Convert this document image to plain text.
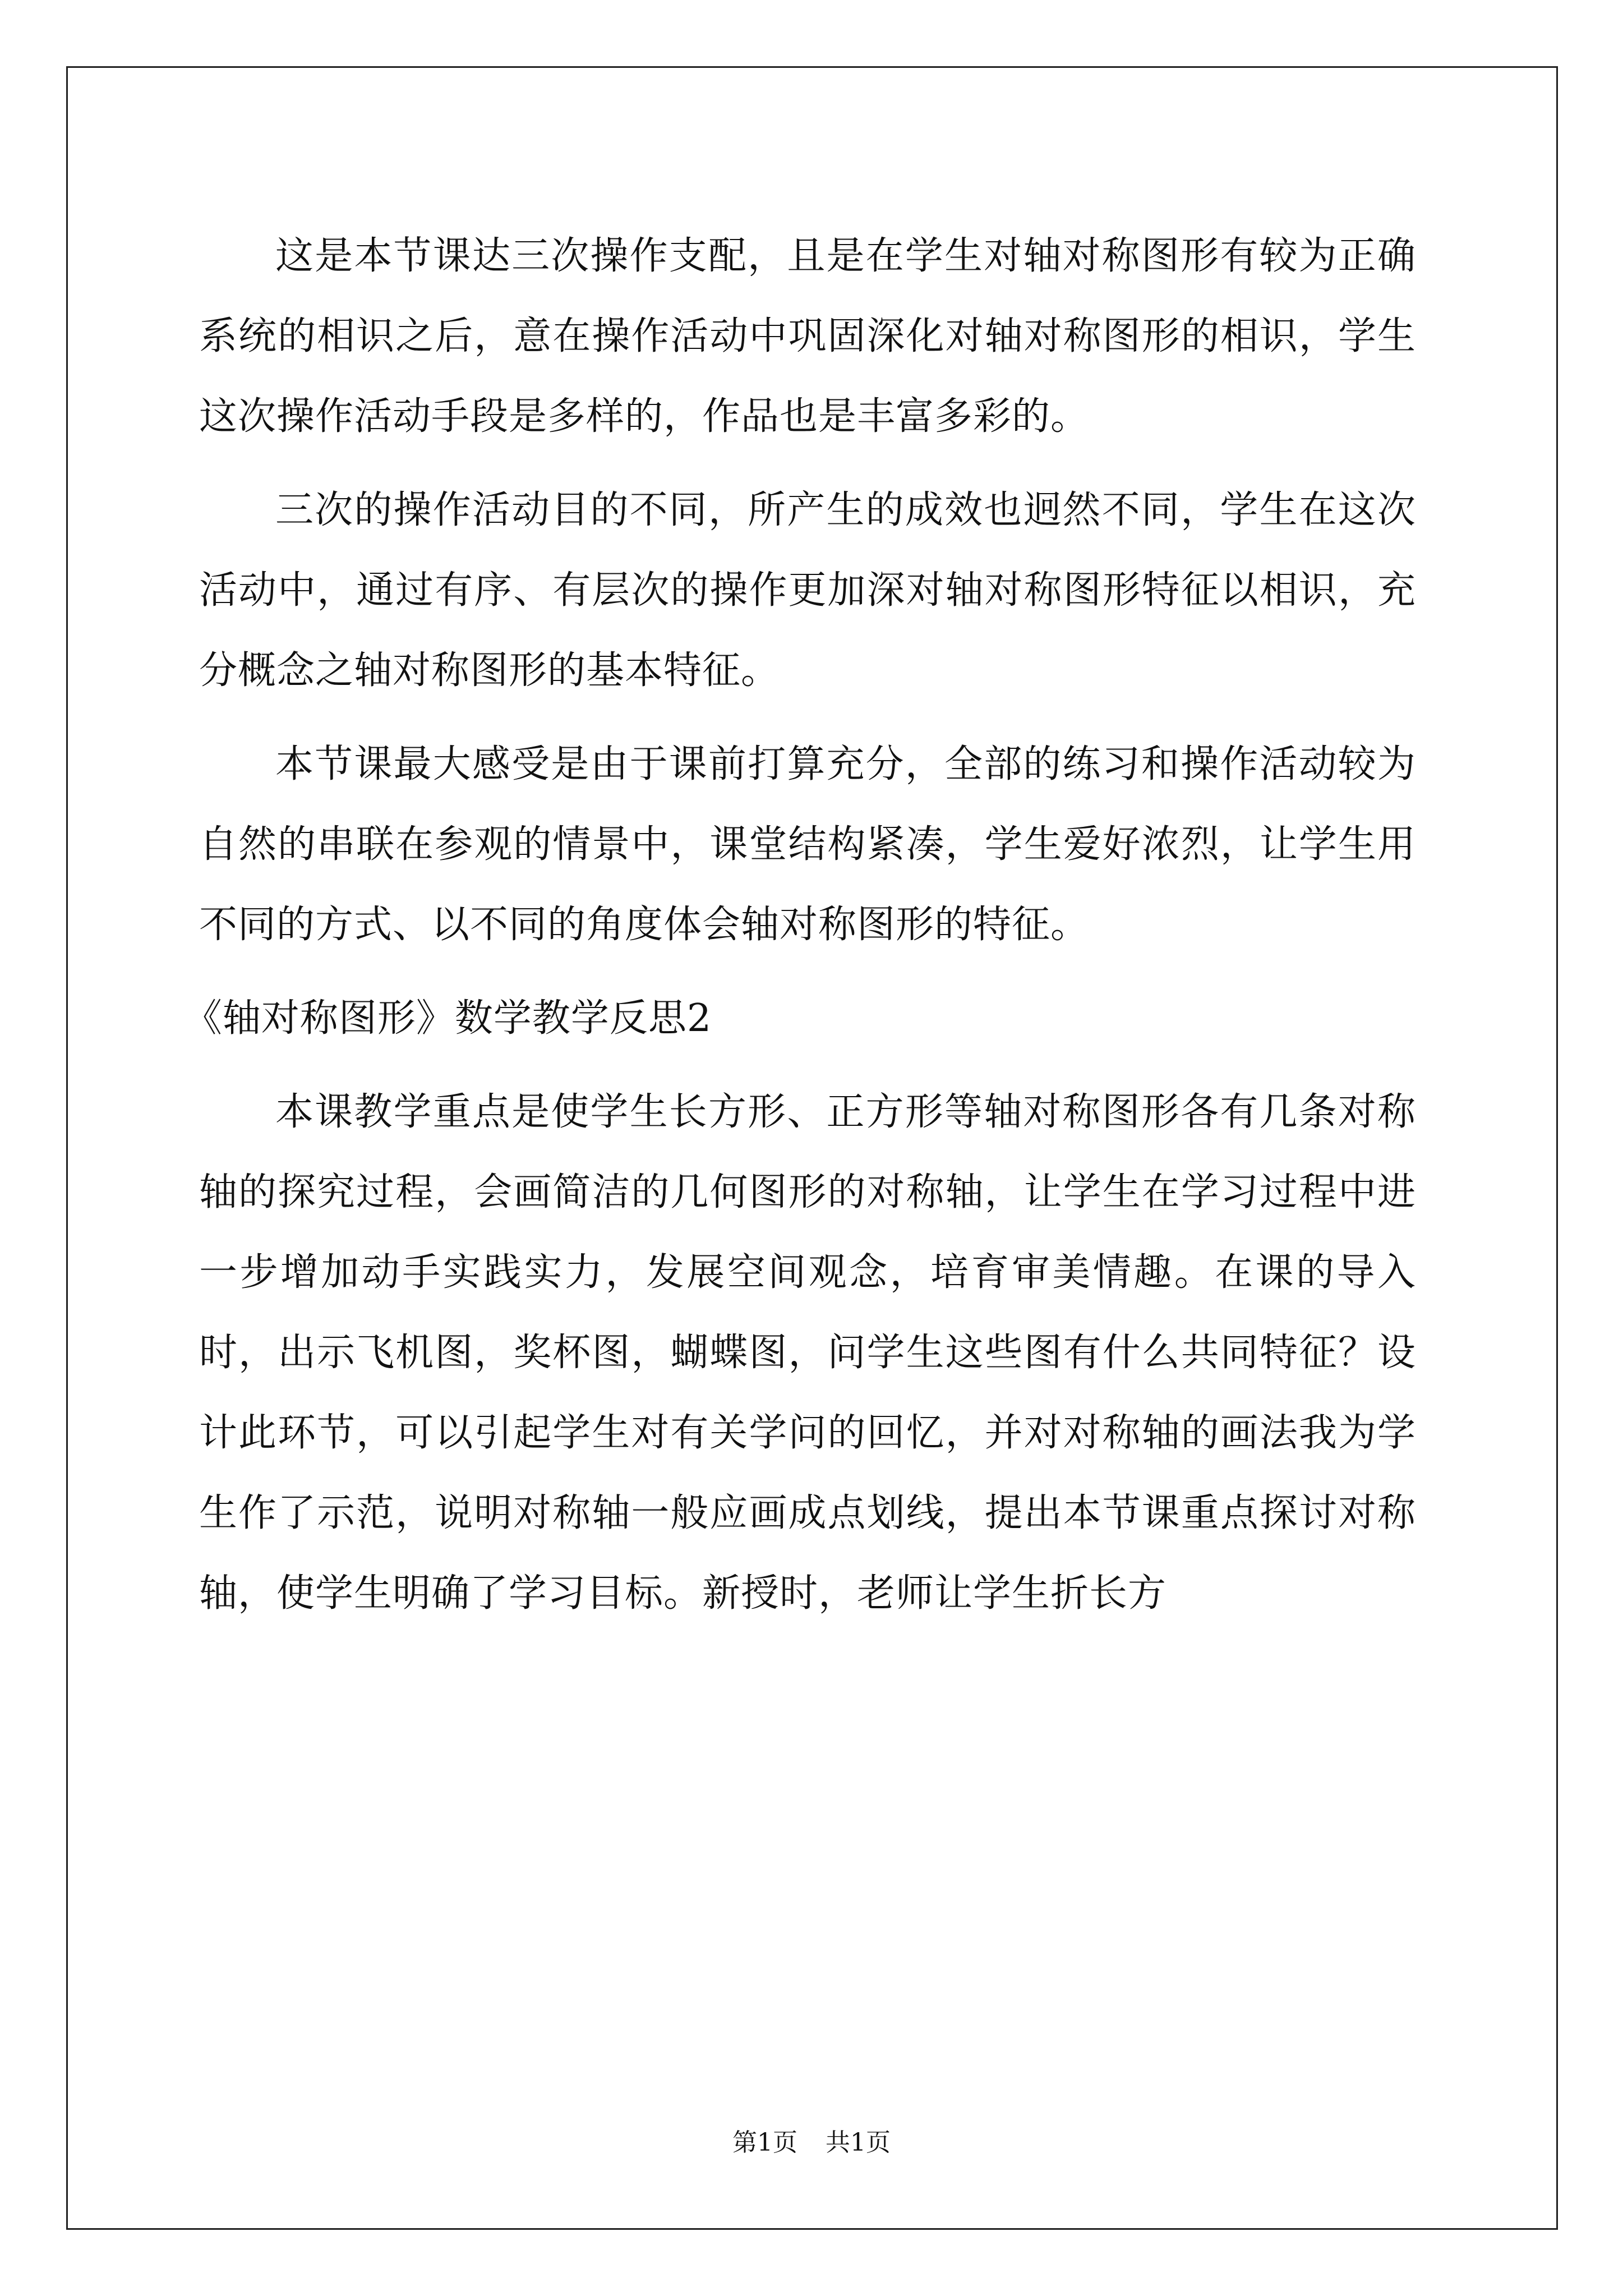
这是本节课达三次操作支配，且是在学生对轴对称图形有较为正确系统的相识之后，意在操作活动中巩固深化对轴对称图形的相识，学生这次操作活动手段是多样的，作品也是丰富多彩的。

三次的操作活动目的不同，所产生的成效也迥然不同，学生在这次活动中，通过有序、有层次的操作更加深对轴对称图形特征以相识，充分概念之轴对称图形的基本特征。

本节课最大感受是由于课前打算充分，全部的练习和操作活动较为自然的串联在参观的情景中，课堂结构紧凑，学生爱好浓烈，让学生用不同的方式、以不同的角度体会轴对称图形的特征。

《轴对称图形》数学教学反思2

本课教学重点是使学生长方形、正方形等轴对称图形各有几条对称轴的探究过程，会画简洁的几何图形的对称轴，让学生在学习过程中进一步增加动手实践实力，发展空间观念，培育审美情趣。在课的导入时，出示飞机图，奖杯图，蝴蝶图，问学生这些图有什么共同特征？设计此环节，可以引起学生对有关学问的回忆，并对对称轴的画法我为学生作了示范，说明对称轴一般应画成点划线，提出本节课重点探讨对称轴，使学生明确了学习目标。新授时，老师让学生折长方

第1页 共1页
